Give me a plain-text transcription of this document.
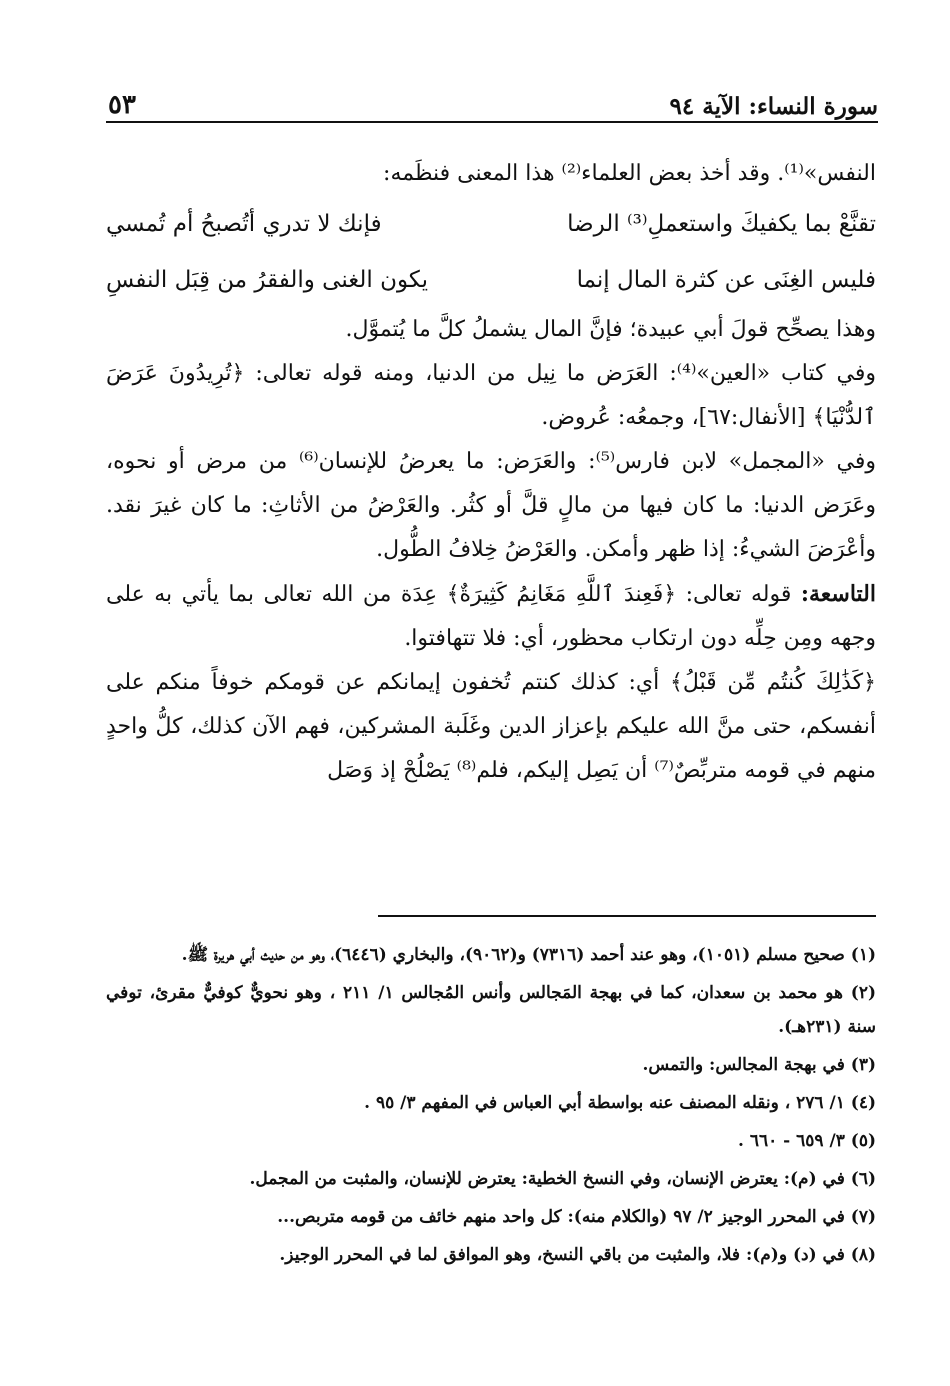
سورة النساء: الآية ٩٤
٥٣

النفس»⁽¹⁾. وقد أخذ بعض العلماء⁽²⁾ هذا المعنى فنظَمه:

تقنَّعْ بما يكفيكَ واستعملِ⁽³⁾ الرضا
فإنك لا تدري أتُصبحُ أم تُمسي
فليس الغِنَى عن كثرة المال إنما
يكون الغنى والفقرُ من قِبَل النفسِ

وهذا يصحِّح قولَ أبي عبيدة؛ فإنَّ المال يشملُ كلَّ ما يُتموَّل.

وفي كتاب «العين»⁽⁴⁾: العَرَض ما نِيل من الدنيا، ومنه قوله تعالى: ﴿تُرِيدُونَ عَرَضَ ٱلدُّنْيَا﴾ [الأنفال:٦٧]، وجمعُه: عُروض.

وفي «المجمل» لابن فارس⁽⁵⁾: والعَرَض: ما يعرضُ للإنسان⁽⁶⁾ من مرض أو نحوه، وعَرَض الدنيا: ما كان فيها من مالٍ قلَّ أو كثُر. والعَرْضُ من الأثاثِ: ما كان غيرَ نقد. وأعْرَضَ الشيءُ: إذا ظهر وأمكن. والعَرْضُ خِلافُ الطُّول.

التاسعة: قوله تعالى: ﴿فَعِندَ ٱللَّهِ مَغَانِمُ كَثِيرَةٌ﴾ عِدَة من الله تعالى بما يأتي به على وجهه ومِن حِلِّه دون ارتكاب محظور، أي: فلا تتهافتوا.

﴿كَذَٰلِكَ كُنتُم مِّن قَبْلُ﴾ أي: كذلك كنتم تُخفون إيمانكم عن قومكم خوفاً منكم على أنفسكم، حتى منَّ الله عليكم بإعزاز الدين وغَلَبة المشركين، فهم الآن كذلك، كلُّ واحدٍ منهم في قومه متربِّصٌ⁽⁷⁾ أن يَصِل إليكم، فلم⁽⁸⁾ يَصْلُحْ إذ وَصَل

(١) صحيح مسلم (١٠٥١)، وهو عند أحمد (٧٣١٦) و(٩٠٦٢)، والبخاري (٦٤٤٦)، وهو من حديث أبي هريرة ﷺ.

(٢) هو محمد بن سعدان، كما في بهجة المَجالس وأنس المُجالس ١/ ٢١١ ، وهو نحويٌّ كوفيٌّ مقرئ، توفي سنة (٢٣١هـ).

(٣) في بهجة المجالس: والتمس.

(٤) ١/ ٢٧٦ ، ونقله المصنف عنه بواسطة أبي العباس في المفهم ٣/ ٩٥ .

(٥) ٣/ ٦٥٩ - ٦٦٠ .

(٦) في (م): يعترض الإنسان، وفي النسخ الخطية: يعترض للإنسان، والمثبت من المجمل.

(٧) في المحرر الوجيز ٢/ ٩٧ (والكلام منه): كل واحد منهم خائف من قومه متربص...

(٨) في (د) و(م): فلا، والمثبت من باقي النسخ، وهو الموافق لما في المحرر الوجيز.
